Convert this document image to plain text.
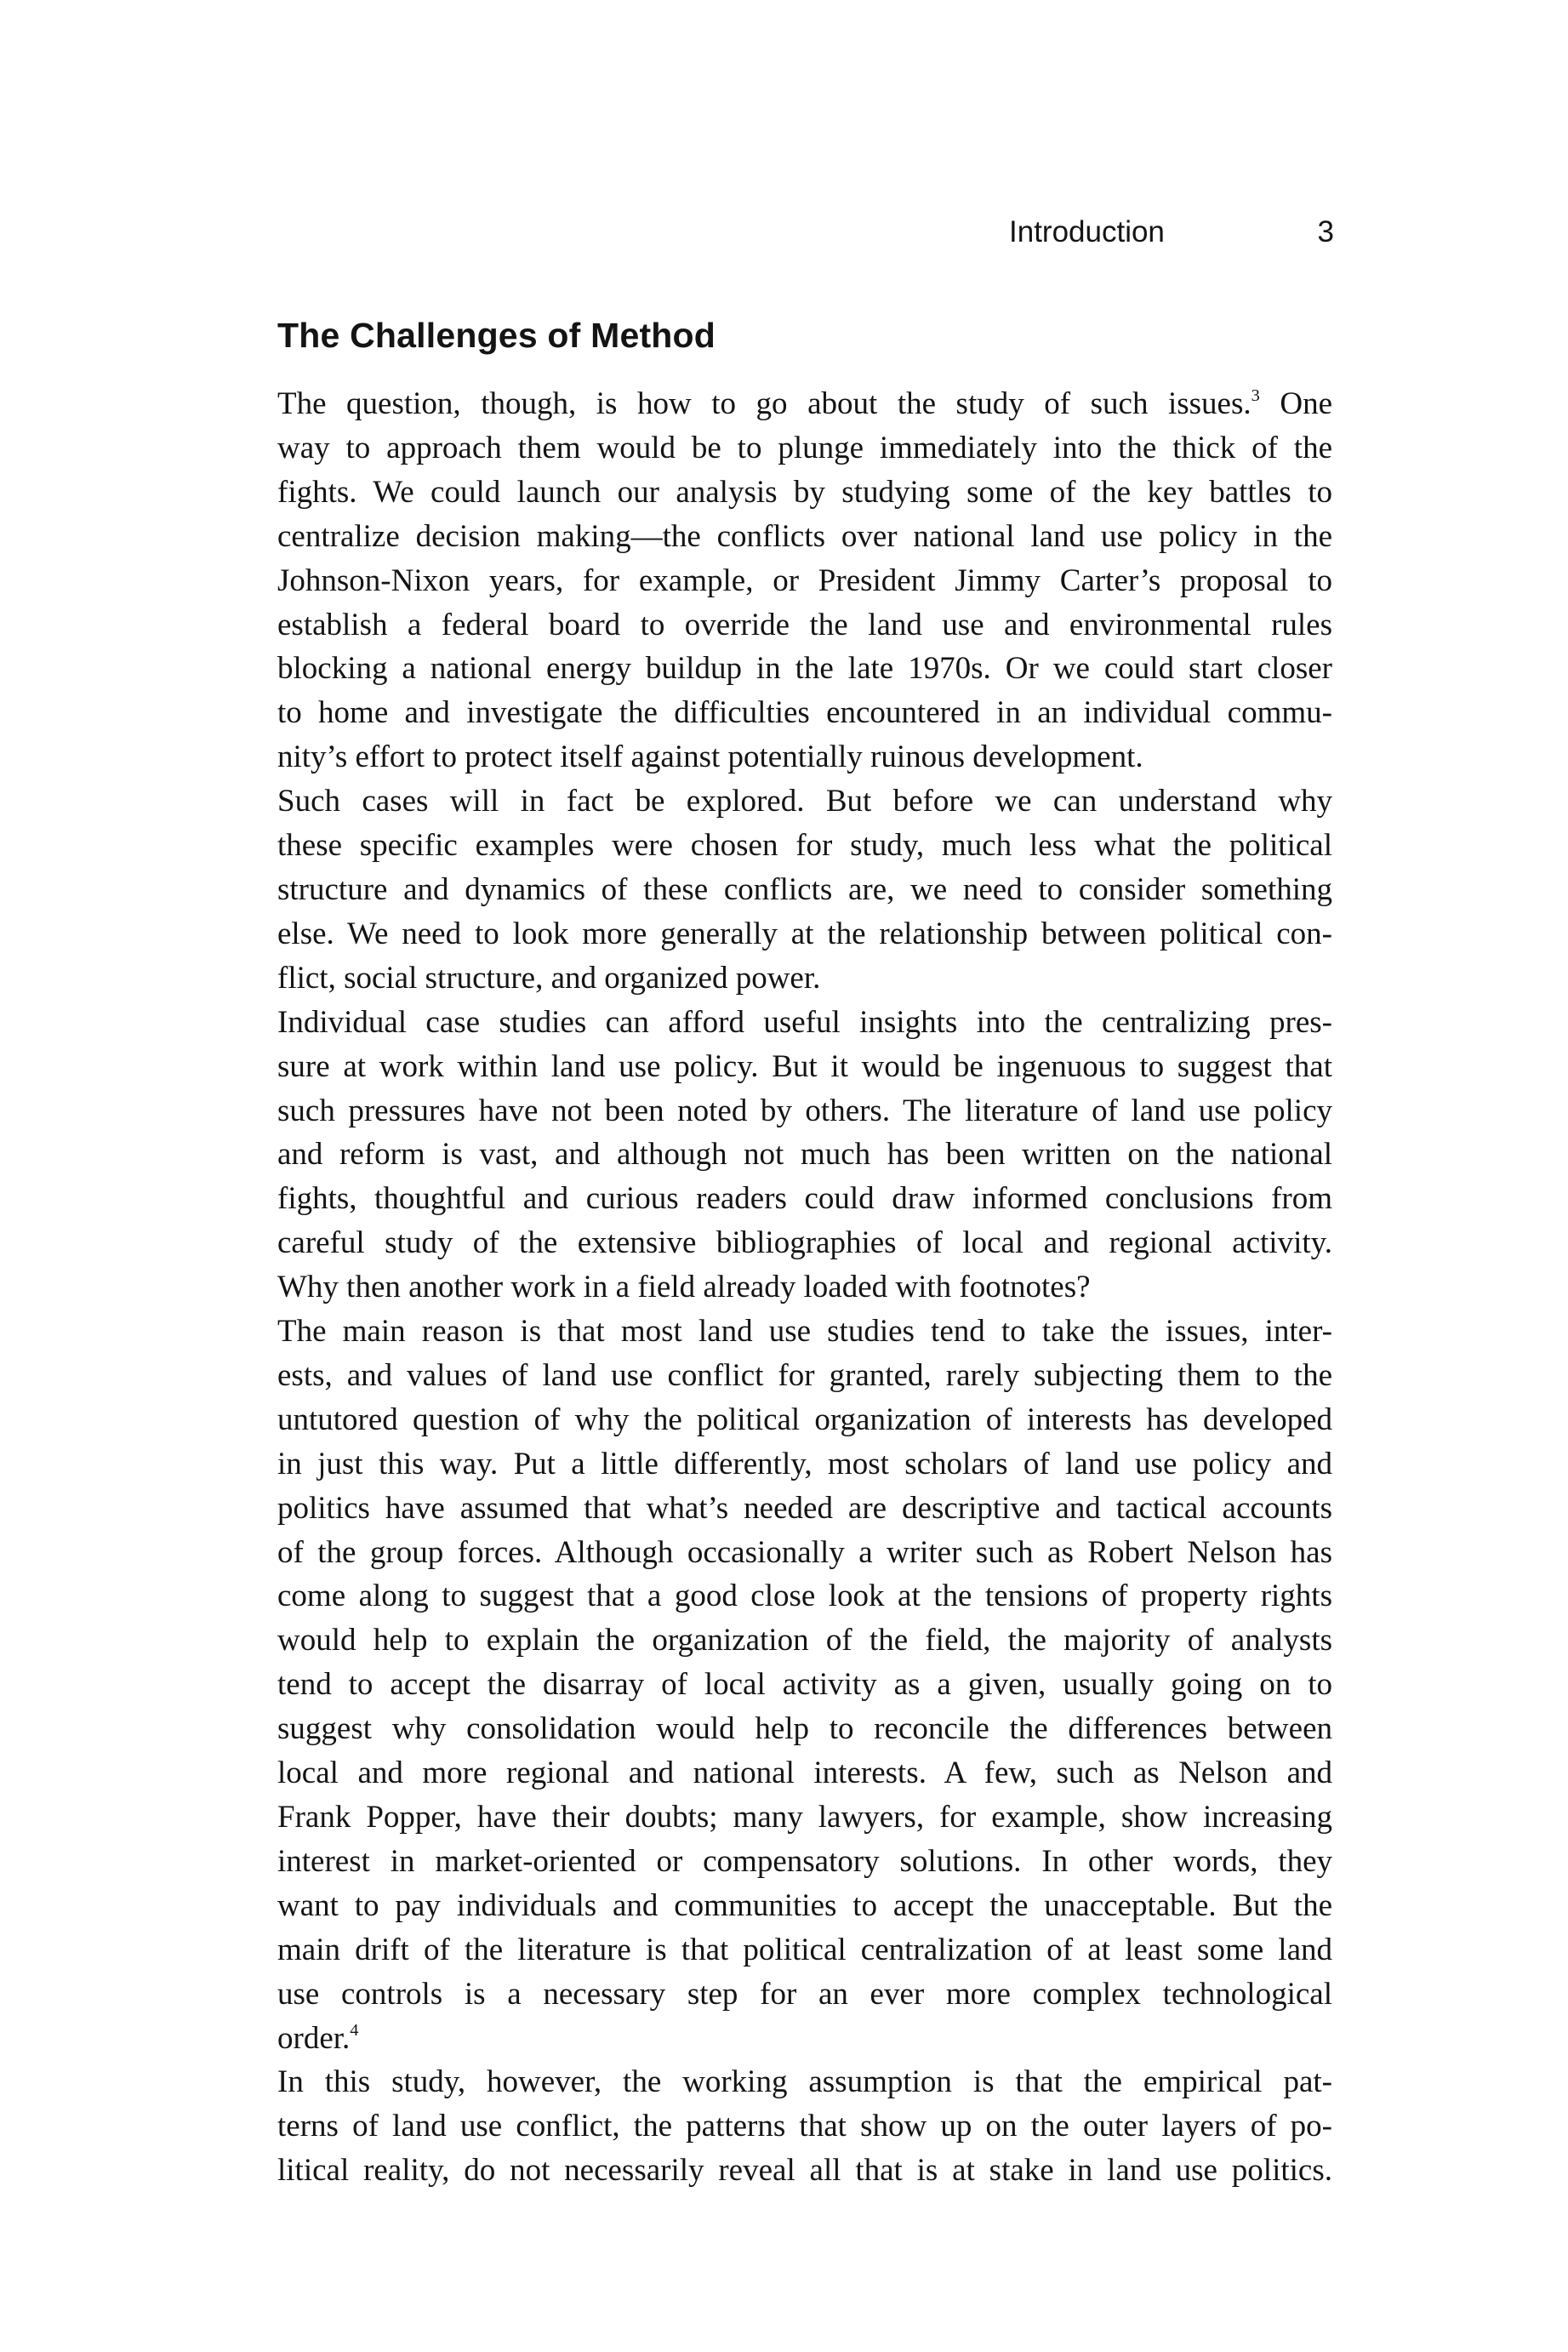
Introduction	3
The Challenges of Method

The question, though, is how to go about the study of such issues.$^3$ One
way to approach them would be to plunge immediately into the thick of the
fights. We could launch our analysis by studying some of the key battles to
centralize decision making—the conflicts over national land use policy in the
Johnson-Nixon years, for example, or President Jimmy Carter’s proposal to
establish a federal board to override the land use and environmental rules
blocking a national energy buildup in the late 1970s. Or we could start closer
to home and investigate the difficulties encountered in an individual commu-
nity’s effort to protect itself against potentially ruinous development.

Such cases will in fact be explored. But before we can understand why
these specific examples were chosen for study, much less what the political
structure and dynamics of these conflicts are, we need to consider something
else. We need to look more generally at the relationship between political con-
flict, social structure, and organized power.

Individual case studies can afford useful insights into the centralizing pres-
sure at work within land use policy. But it would be ingenuous to suggest that
such pressures have not been noted by others. The literature of land use policy
and reform is vast, and although not much has been written on the national
fights, thoughtful and curious readers could draw informed conclusions from
careful study of the extensive bibliographies of local and regional activity.
Why then another work in a field already loaded with footnotes?

The main reason is that most land use studies tend to take the issues, inter-
ests, and values of land use conflict for granted, rarely subjecting them to the
untutored question of why the political organization of interests has developed
in just this way. Put a little differently, most scholars of land use policy and
politics have assumed that what’s needed are descriptive and tactical accounts
of the group forces. Although occasionally a writer such as Robert Nelson has
come along to suggest that a good close look at the tensions of property rights
would help to explain the organization of the field, the majority of analysts
tend to accept the disarray of local activity as a given, usually going on to
suggest why consolidation would help to reconcile the differences between
local and more regional and national interests. A few, such as Nelson and
Frank Popper, have their doubts; many lawyers, for example, show increasing
interest in market-oriented or compensatory solutions. In other words, they
want to pay individuals and communities to accept the unacceptable. But the
main drift of the literature is that political centralization of at least some land
use controls is a necessary step for an ever more complex technological
order.$^4$

In this study, however, the working assumption is that the empirical pat-
terns of land use conflict, the patterns that show up on the outer layers of po-
litical reality, do not necessarily reveal all that is at stake in land use politics.
